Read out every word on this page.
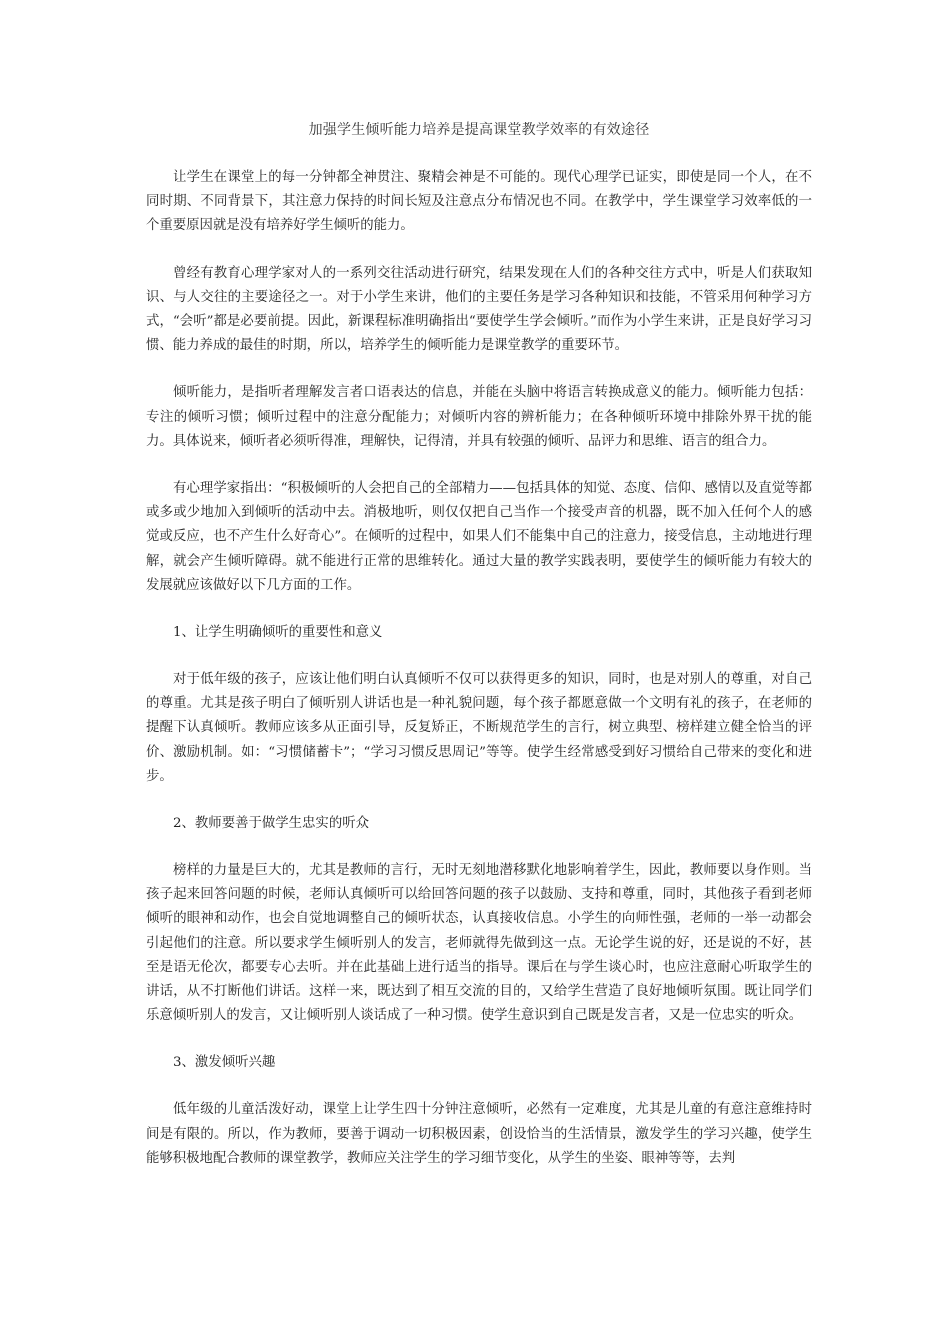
加强学生倾听能力培养是提高课堂教学效率的有效途径

让学生在课堂上的每一分钟都全神贯注、聚精会神是不可能的。现代心理学已证实，即使是同一个人，在不同时期、不同背景下，其注意力保持的时间长短及注意点分布情况也不同。在教学中，学生课堂学习效率低的一个重要原因就是没有培养好学生倾听的能力。

曾经有教育心理学家对人的一系列交往活动进行研究，结果发现在人们的各种交往方式中，听是人们获取知识、与人交往的主要途径之一。对于小学生来讲，他们的主要任务是学习各种知识和技能，不管采用何种学习方式，“会听”都是必要前提。因此，新课程标准明确指出“要使学生学会倾听。”而作为小学生来讲，正是良好学习习惯、能力养成的最佳的时期，所以，培养学生的倾听能力是课堂教学的重要环节。

倾听能力，是指听者理解发言者口语表达的信息，并能在头脑中将语言转换成意义的能力。倾听能力包括：专注的倾听习惯；倾听过程中的注意分配能力；对倾听内容的辨析能力；在各种倾听环境中排除外界干扰的能力。具体说来，倾听者必须听得准，理解快，记得清，并具有较强的倾听、品评力和思维、语言的组合力。

有心理学家指出：“积极倾听的人会把自己的全部精力——包括具体的知觉、态度、信仰、感情以及直觉等都或多或少地加入到倾听的活动中去。消极地听，则仅仅把自己当作一个接受声音的机器，既不加入任何个人的感觉或反应，也不产生什么好奇心”。在倾听的过程中，如果人们不能集中自己的注意力，接受信息，主动地进行理解，就会产生倾听障碍。就不能进行正常的思维转化。通过大量的教学实践表明，要使学生的倾听能力有较大的发展就应该做好以下几方面的工作。

1、让学生明确倾听的重要性和意义

对于低年级的孩子，应该让他们明白认真倾听不仅可以获得更多的知识，同时，也是对别人的尊重，对自己的尊重。尤其是孩子明白了倾听别人讲话也是一种礼貌问题，每个孩子都愿意做一个文明有礼的孩子，在老师的提醒下认真倾听。教师应该多从正面引导，反复矫正，不断规范学生的言行，树立典型、榜样建立健全恰当的评价、激励机制。如：“习惯储蓄卡”；“学习习惯反思周记”等等。使学生经常感受到好习惯给自己带来的变化和进步。

2、教师要善于做学生忠实的听众

榜样的力量是巨大的，尤其是教师的言行，无时无刻地潜移默化地影响着学生，因此，教师要以身作则。当孩子起来回答问题的时候，老师认真倾听可以给回答问题的孩子以鼓励、支持和尊重，同时，其他孩子看到老师倾听的眼神和动作，也会自觉地调整自己的倾听状态，认真接收信息。小学生的向师性强，老师的一举一动都会引起他们的注意。所以要求学生倾听别人的发言，老师就得先做到这一点。无论学生说的好，还是说的不好，甚至是语无伦次，都要专心去听。并在此基础上进行适当的指导。课后在与学生谈心时，也应注意耐心听取学生的讲话，从不打断他们讲话。这样一来，既达到了相互交流的目的，又给学生营造了良好地倾听氛围。既让同学们乐意倾听别人的发言，又让倾听别人谈话成了一种习惯。使学生意识到自己既是发言者，又是一位忠实的听众。

3、激发倾听兴趣

低年级的儿童活泼好动，课堂上让学生四十分钟注意倾听，必然有一定难度，尤其是儿童的有意注意维持时间是有限的。所以，作为教师，要善于调动一切积极因素，创设恰当的生活情景，激发学生的学习兴趣，使学生能够积极地配合教师的课堂教学，教师应关注学生的学习细节变化，从学生的坐姿、眼神等等，去判
